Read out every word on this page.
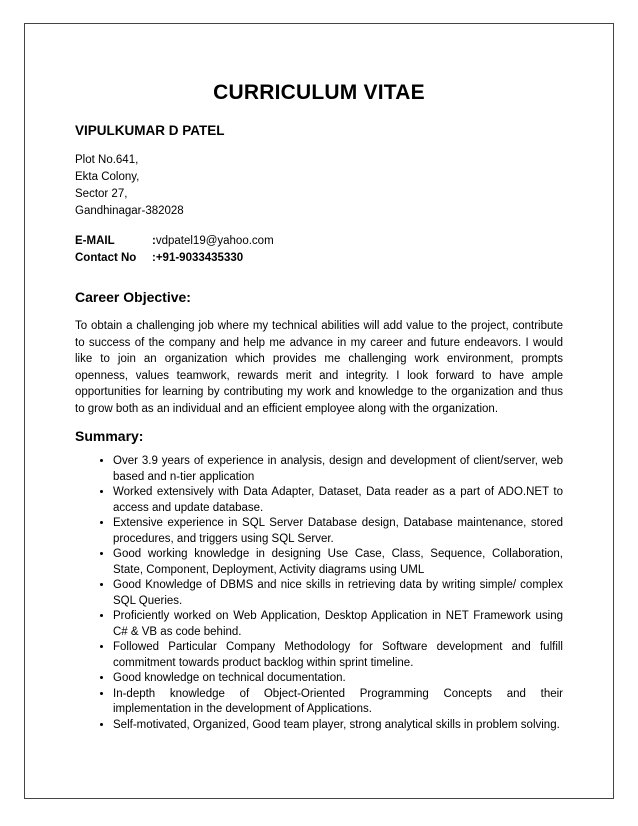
CURRICULUM VITAE
VIPULKUMAR D PATEL
Plot No.641,
Ekta Colony,
Sector 27,
Gandhinagar-382028
E-MAIL	: vdpatel19@yahoo.com
Contact No	: +91-9033435330
Career Objective:

To obtain a challenging job where my technical abilities will add value to the project, contribute to success of the company and help me advance in my career and future endeavors. I would like to join an organization which provides me challenging work environment, prompts openness, values teamwork, rewards merit and integrity. I look forward to have ample opportunities for learning by contributing my work and knowledge to the organization and thus to grow both as an individual and an efficient employee along with the organization.

Summary:
• Over 3.9 years of experience in analysis, design and development of client/server, web based and n-tier application
• Worked extensively with Data Adapter, Dataset, Data reader as a part of ADO.NET to access and update database.
• Extensive experience in SQL Server Database design, Database maintenance, stored procedures, and triggers using SQL Server.
• Good working knowledge in designing Use Case, Class, Sequence, Collaboration, State, Component, Deployment, Activity diagrams using UML
• Good Knowledge of DBMS and nice skills in retrieving data by writing simple/ complex SQL Queries.
• Proficiently worked on Web Application, Desktop Application in NET Framework using C# & VB as code behind.
• Followed Particular Company Methodology for Software development and fulfill commitment towards product backlog within sprint timeline.
• Good knowledge on technical documentation.
• In-depth knowledge of Object-Oriented Programming Concepts and their implementation in the development of Applications.
• Self-motivated, Organized, Good team player, strong analytical skills in problem solving.
